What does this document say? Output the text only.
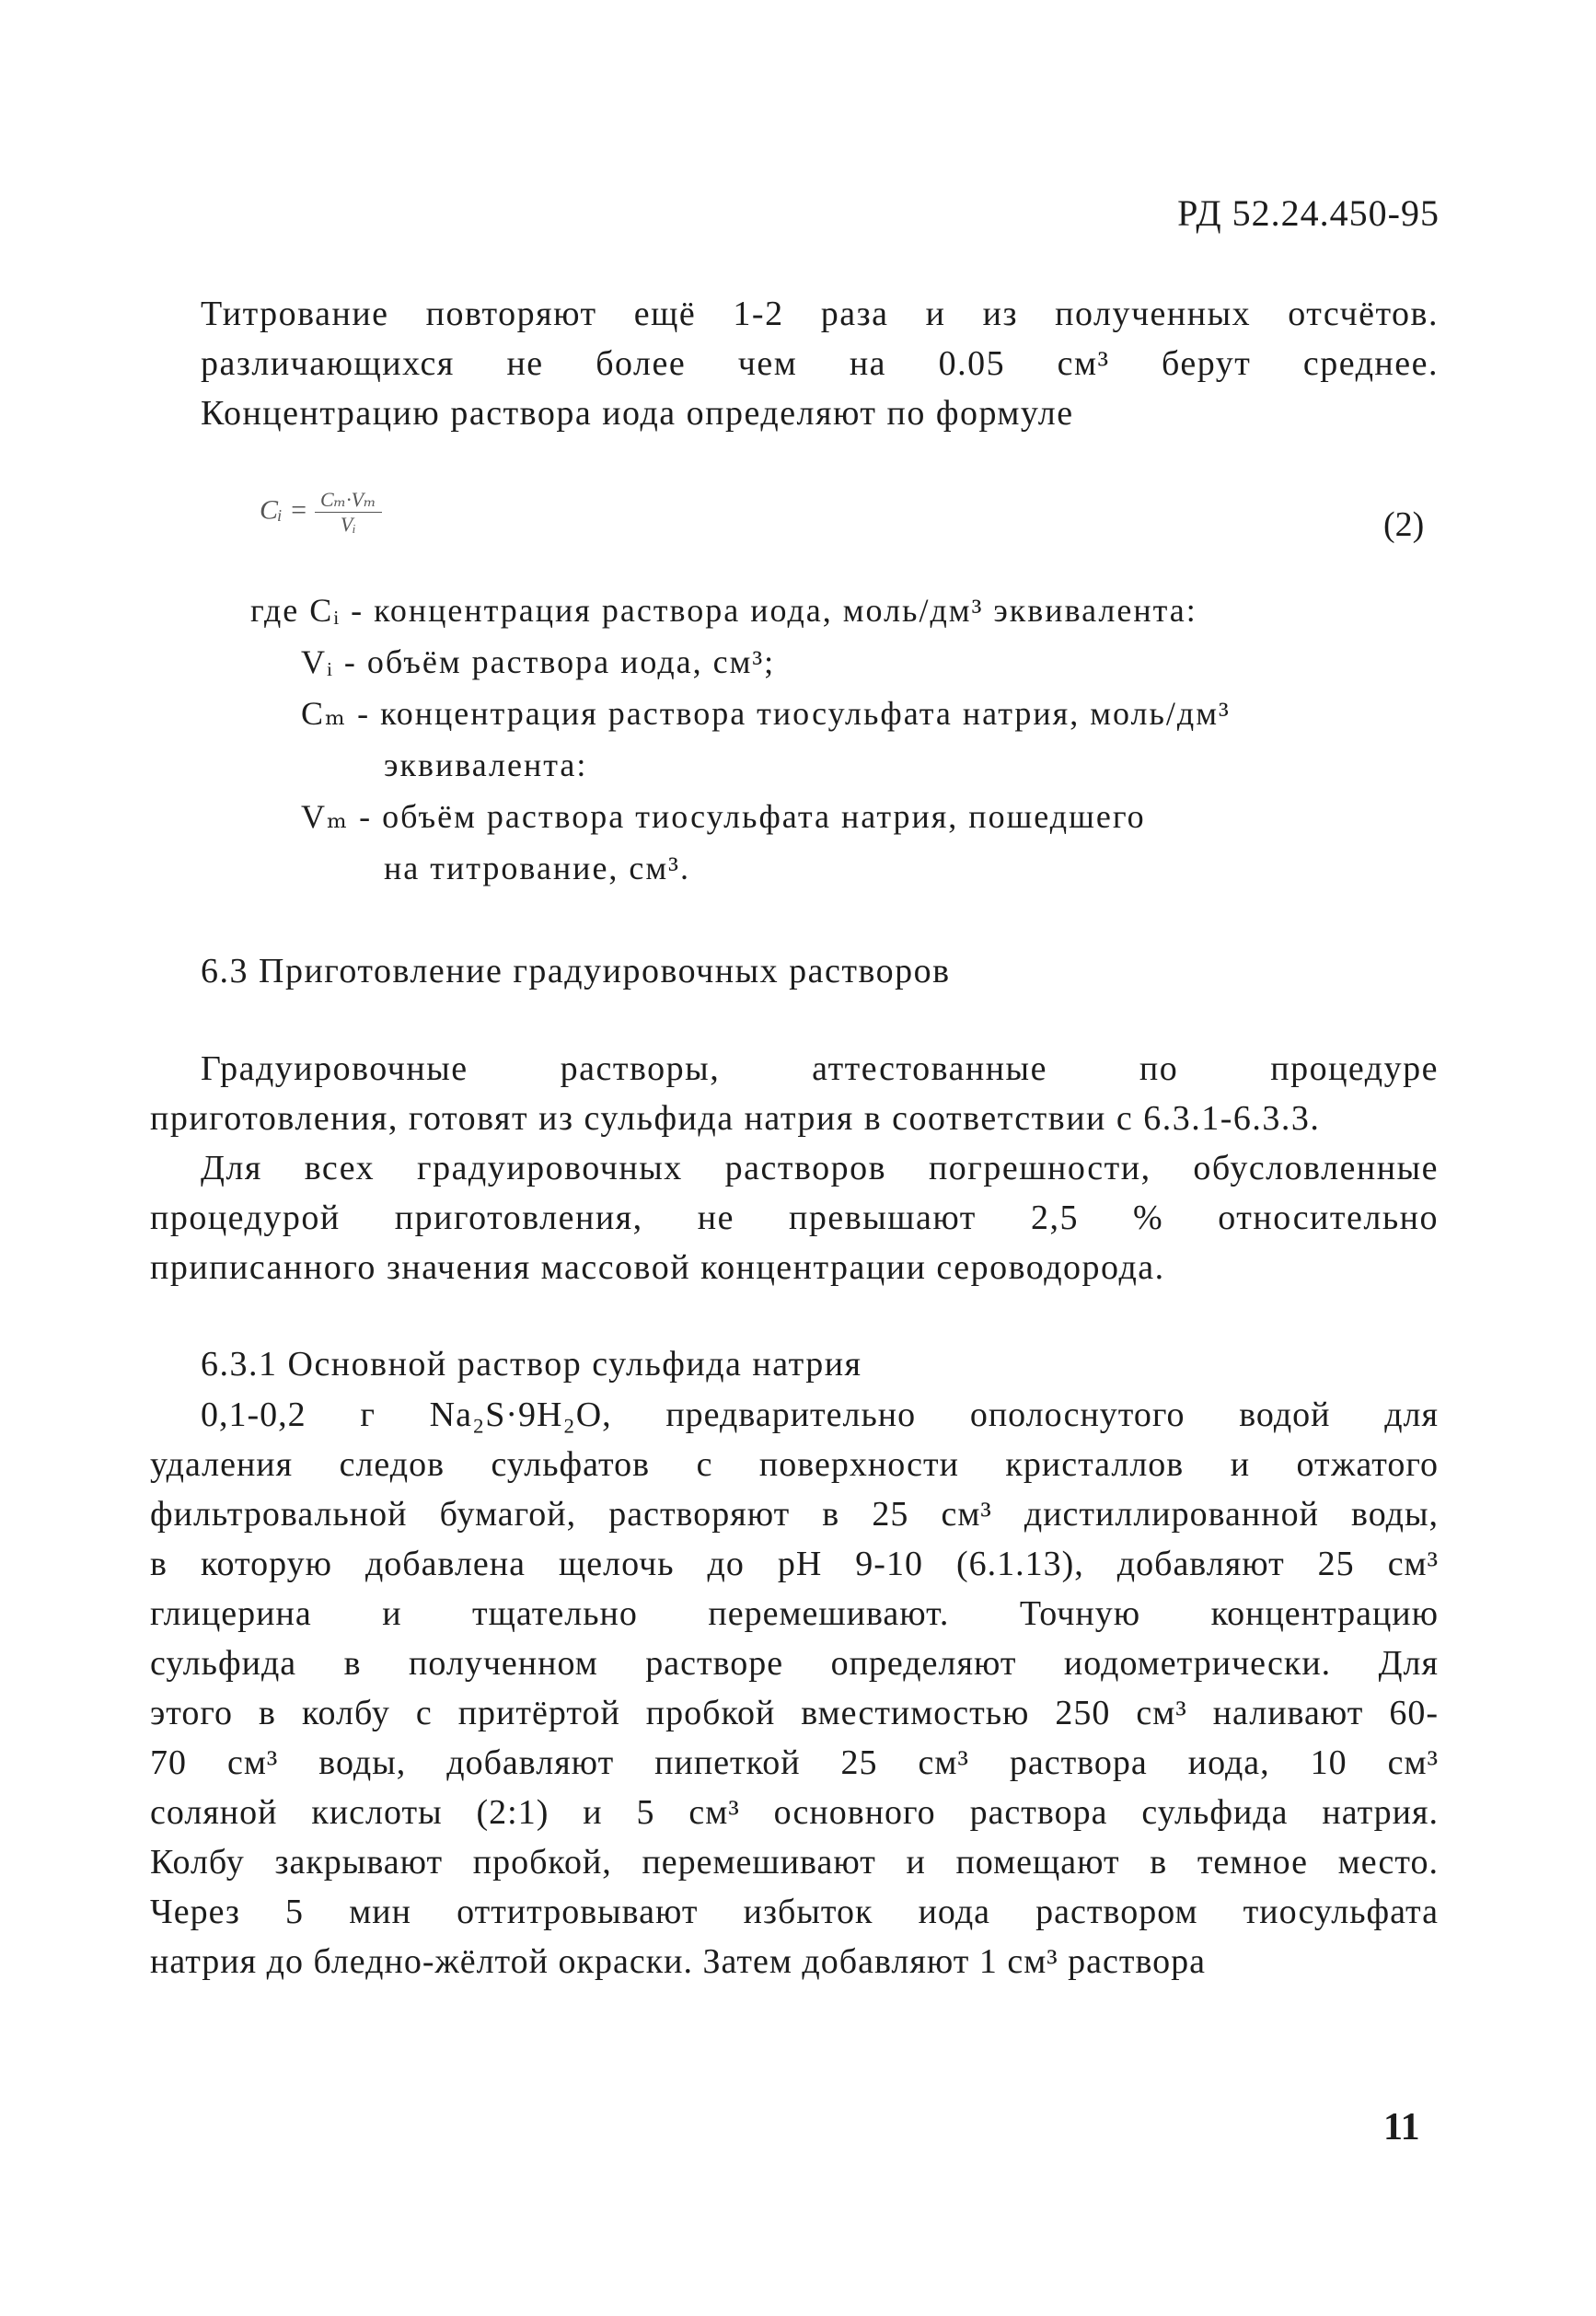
РД 52.24.450-95
Титрование повторяют ещё 1-2 раза и из полученных отсчётов.
различающихся не более чем на 0.05 см³ берут среднее.
Концентрацию раствора иода определяют по формуле
Cᵢ = $\frac{\text{Cₘ·Vₘ}}{\text{Vᵢ}}$	(2)
где Cᵢ - концентрация раствора иода, моль/дм³ эквивалента:
Vᵢ - объём раствора иода, см³;
Cₘ - концентрация раствора тиосульфата натрия, моль/дм³
эквивалента:
Vₘ - объём раствора тиосульфата натрия, пошедшего
на титрование, см³.
6.3 Приготовление градуировочных растворов
Градуировочные растворы, аттестованные по процедуре
приготовления, готовят из сульфида натрия в соответствии с 6.3.1-6.3.3.
Для всех градуировочных растворов погрешности, обусловленные
процедурой приготовления, не превышают 2,5 % относительно
приписанного значения массовой концентрации сероводорода.
6.3.1 Основной раствор сульфида натрия
0,1-0,2 г Na₂S·9H₂O, предварительно ополоснутого водой для
удаления следов сульфатов с поверхности кристаллов и отжатого
фильтровальной бумагой, растворяют в 25 см³ дистиллированной воды,
в которую добавлена щелочь до pH 9-10 (6.1.13), добавляют 25 см³
глицерина и тщательно перемешивают. Точную концентрацию
сульфида в полученном растворе определяют иодометрически. Для
этого в колбу с притёртой пробкой вместимостью 250 см³ наливают 60-
70 см³ воды, добавляют пипеткой 25 см³ раствора иода, 10 см³
соляной кислоты (2:1) и 5 см³ основного раствора сульфида натрия.
Колбу закрывают пробкой, перемешивают и помещают в темное место.
Через 5 мин оттитровывают избыток иода раствором тиосульфата
натрия до бледно-жёлтой окраски. Затем добавляют 1 см³ раствора
11
